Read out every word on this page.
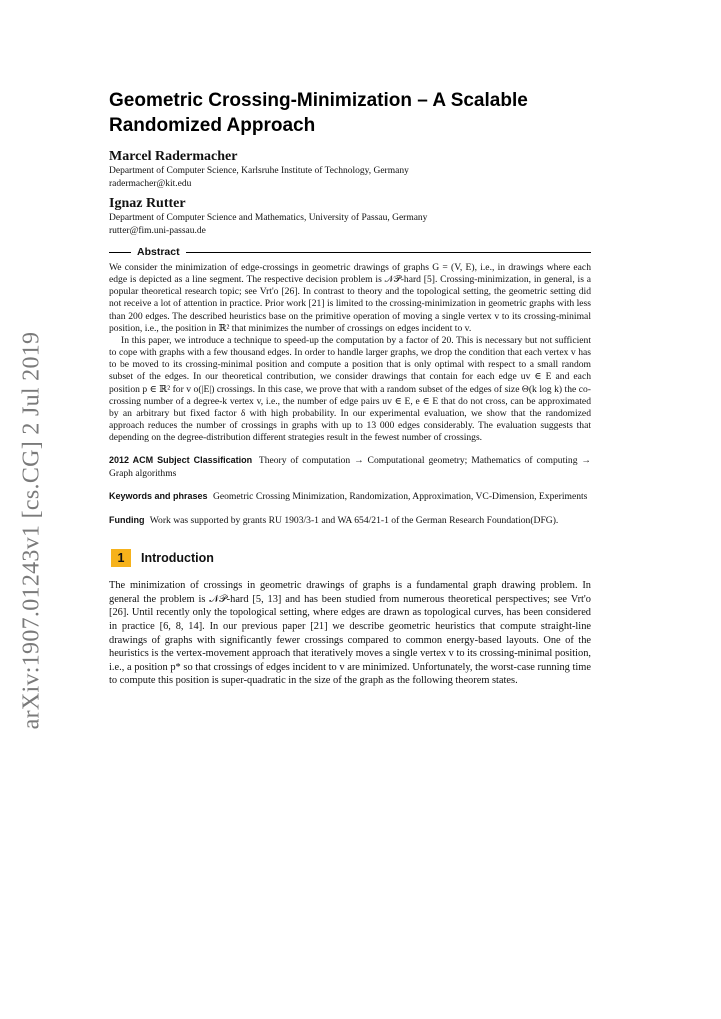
arXiv:1907.01243v1 [cs.CG] 2 Jul 2019
Geometric Crossing-Minimization – A Scalable Randomized Approach
Marcel Radermacher
Department of Computer Science, Karlsruhe Institute of Technology, Germany
radermacher@kit.edu
Ignaz Rutter
Department of Computer Science and Mathematics, University of Passau, Germany
rutter@fim.uni-passau.de
Abstract

We consider the minimization of edge-crossings in geometric drawings of graphs G = (V, E), i.e., in drawings where each edge is depicted as a line segment. The respective decision problem is 𝒩𝒫-hard [5]. Crossing-minimization, in general, is a popular theoretical research topic; see Vrt'o [26]. In contrast to theory and the topological setting, the geometric setting did not receive a lot of attention in practice. Prior work [21] is limited to the crossing-minimization in geometric graphs with less than 200 edges. The described heuristics base on the primitive operation of moving a single vertex v to its crossing-minimal position, i.e., the position in ℝ² that minimizes the number of crossings on edges incident to v.

In this paper, we introduce a technique to speed-up the computation by a factor of 20. This is necessary but not sufficient to cope with graphs with a few thousand edges. In order to handle larger graphs, we drop the condition that each vertex v has to be moved to its crossing-minimal position and compute a position that is only optimal with respect to a small random subset of the edges. In our theoretical contribution, we consider drawings that contain for each edge uv ∈ E and each position p ∈ ℝ² for v o(|E|) crossings. In this case, we prove that with a random subset of the edges of size Θ(k log k) the co-crossing number of a degree-k vertex v, i.e., the number of edge pairs uv ∈ E, e ∈ E that do not cross, can be approximated by an arbitrary but fixed factor δ with high probability. In our experimental evaluation, we show that the randomized approach reduces the number of crossings in graphs with up to 13 000 edges considerably. The evaluation suggests that depending on the degree-distribution different strategies result in the fewest number of crossings.

2012 ACM Subject Classification Theory of computation → Computational geometry; Mathematics of computing → Graph algorithms
Keywords and phrases Geometric Crossing Minimization, Randomization, Approximation, VC-Dimension, Experiments
Funding Work was supported by grants RU 1903/3-1 and WA 654/21-1 of the German Research Foundation(DFG).
1	Introduction

The minimization of crossings in geometric drawings of graphs is a fundamental graph drawing problem. In general the problem is 𝒩𝒫-hard [5, 13] and has been studied from numerous theoretical perspectives; see Vrt'o [26]. Until recently only the topological setting, where edges are drawn as topological curves, has been considered in practice [6, 8, 14]. In our previous paper [21] we describe geometric heuristics that compute straight-line drawings of graphs with significantly fewer crossings compared to common energy-based layouts. One of the heuristics is the vertex-movement approach that iteratively moves a single vertex v to its crossing-minimal position, i.e., a position p* so that crossings of edges incident to v are minimized. Unfortunately, the worst-case running time to compute this position is super-quadratic in the size of the graph as the following theorem states.
